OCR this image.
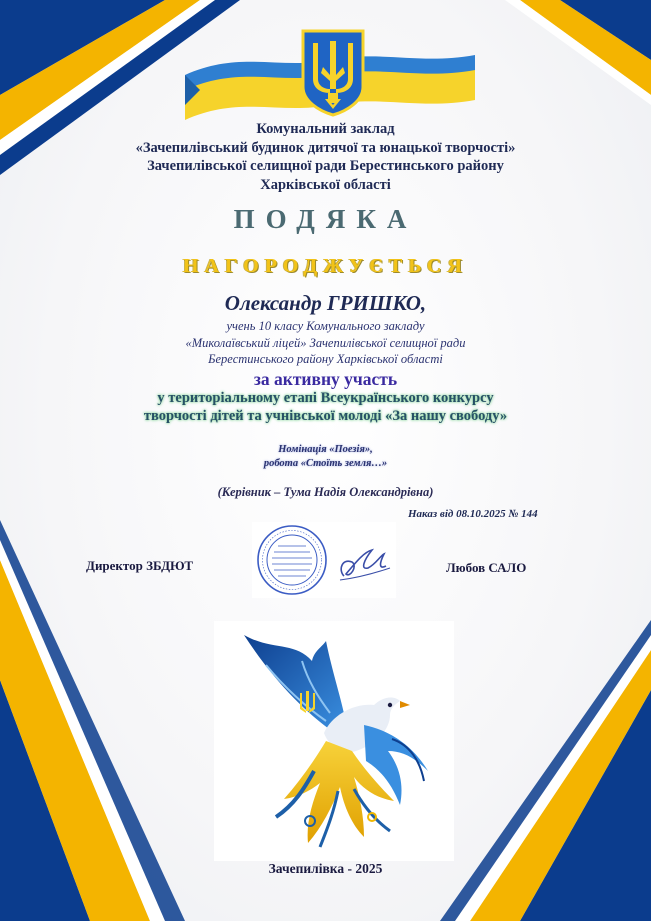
Комунальний заклад
«Зачепилівський будинок дитячої та юнацької творчості»
Зачепилівської селищної ради Берестинського району
Харківської області
ПОДЯКА
НАГОРОДЖУЄТЬСЯ
Олександр ГРИШКО,
учень 10 класу Комунального закладу
«Миколаївський ліцей» Зачепилівської селищної ради
Берестинського району Харківської області
за активну участь
у територіальному етапі Всеукраїнського конкурсу
творчості дітей та учнівської молоді «За нашу свободу»
Номінація «Поезія»,
робота «Стоїть земля…»
(Керівник – Тума Надія Олександрівна)
Наказ від 08.10.2025 № 144
Директор ЗБДЮТ	Любов САЛО
Зачепилівка - 2025
